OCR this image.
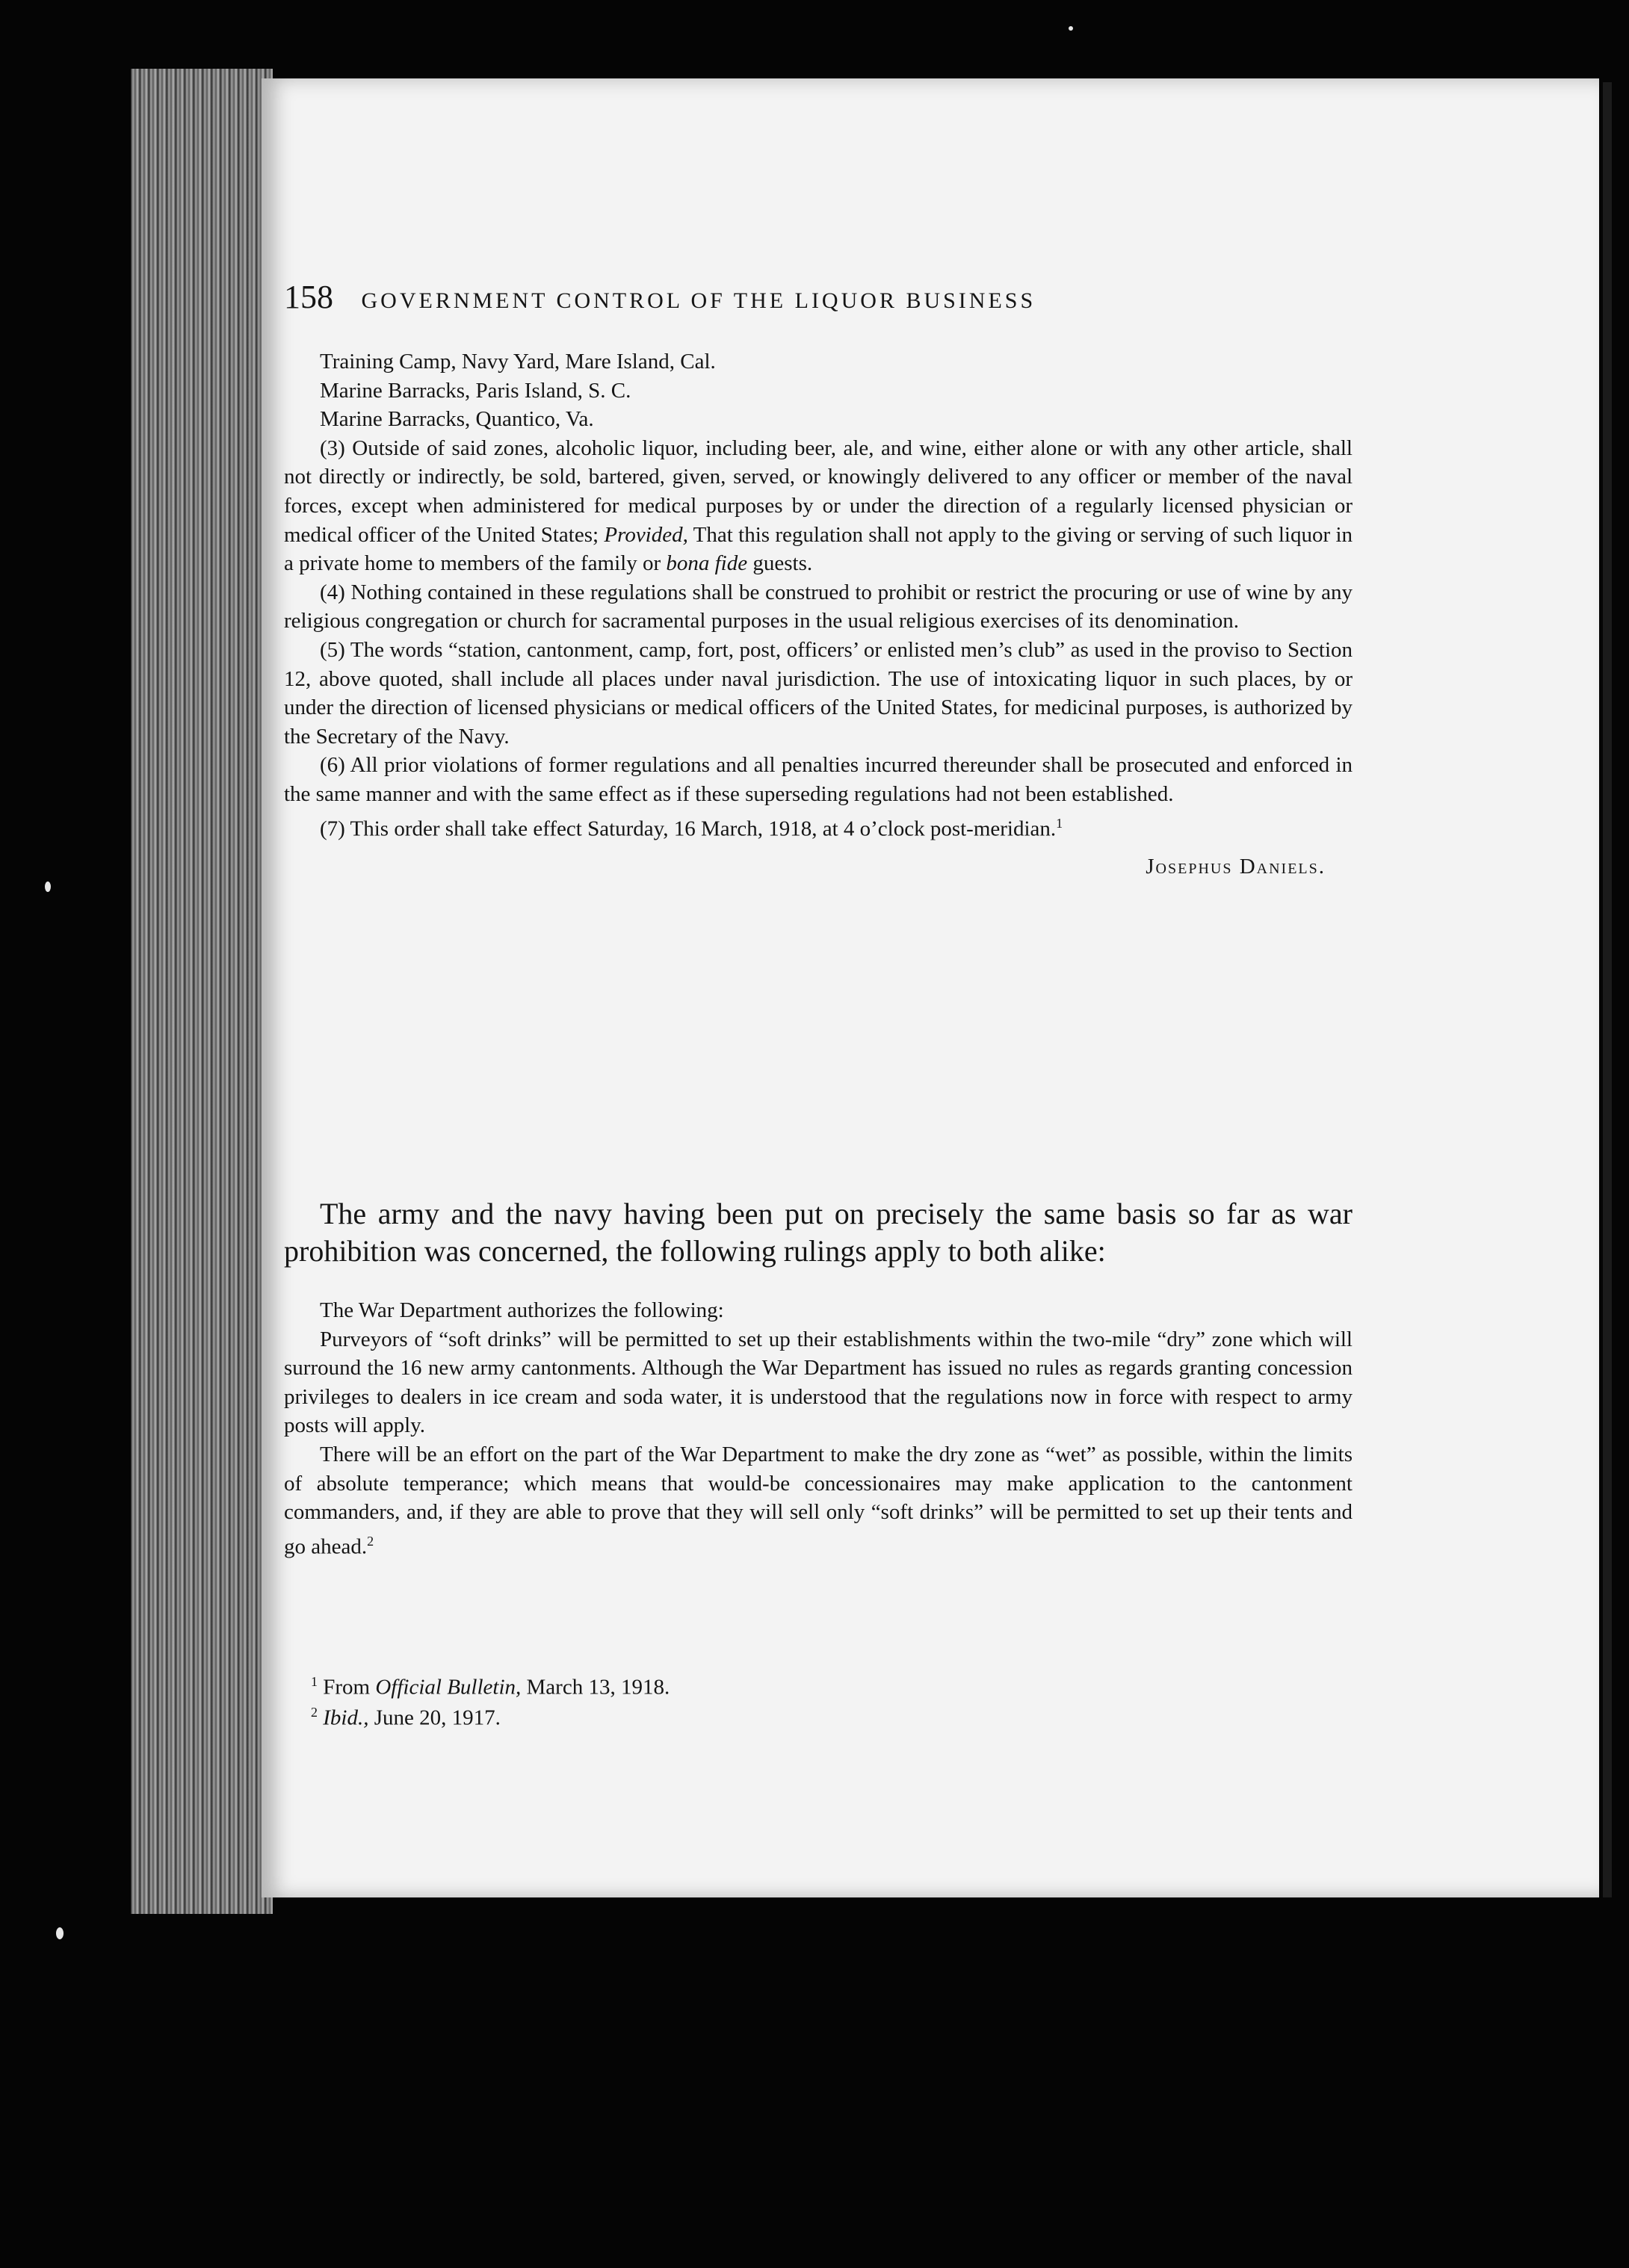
158 GOVERNMENT CONTROL OF THE LIQUOR BUSINESS
Training Camp, Navy Yard, Mare Island, Cal.
Marine Barracks, Paris Island, S. C.
Marine Barracks, Quantico, Va.

(3) Outside of said zones, alcoholic liquor, including beer, ale, and wine, either alone or with any other article, shall not directly or indirectly, be sold, bartered, given, served, or knowingly delivered to any officer or member of the naval forces, except when administered for medical purposes by or under the direction of a regularly licensed physician or medical officer of the United States; Provided, That this regulation shall not apply to the giving or serving of such liquor in a private home to members of the family or bona fide guests.

(4) Nothing contained in these regulations shall be construed to prohibit or restrict the procuring or use of wine by any religious congregation or church for sacramental purposes in the usual religious exercises of its denomination.

(5) The words “station, cantonment, camp, fort, post, officers’ or enlisted men’s club” as used in the proviso to Section 12, above quoted, shall include all places under naval jurisdiction. The use of intoxicating liquor in such places, by or under the direction of licensed physicians or medical officers of the United States, for medicinal purposes, is authorized by the Secretary of the Navy.

(6) All prior violations of former regulations and all penalties incurred thereunder shall be prosecuted and enforced in the same manner and with the same effect as if these superseding regulations had not been established.

(7) This order shall take effect Saturday, 16 March, 1918, at 4 o’clock post-meridian.$^1$

Josephus Daniels.

The army and the navy having been put on precisely the same basis so far as war prohibition was concerned, the following rulings apply to both alike:

The War Department authorizes the following:

Purveyors of “soft drinks” will be permitted to set up their establishments within the two-mile “dry” zone which will surround the 16 new army cantonments. Although the War Department has issued no rules as regards granting concession privileges to dealers in ice cream and soda water, it is understood that the regulations now in force with respect to army posts will apply.

There will be an effort on the part of the War Department to make the dry zone as “wet” as possible, within the limits of absolute temperance; which means that would-be concessionaires may make application to the cantonment commanders, and, if they are able to prove that they will sell only “soft drinks” will be permitted to set up their tents and go ahead.$^2$

$^1$ From Official Bulletin, March 13, 1918.
$^2$ Ibid., June 20, 1917.
